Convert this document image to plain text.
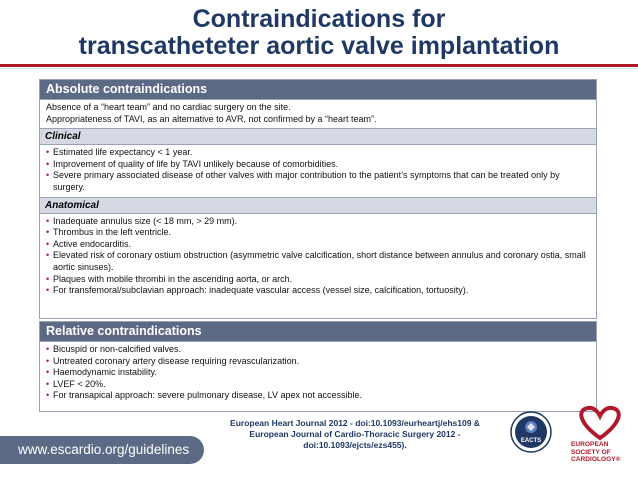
Contraindications for
transcatheteter aortic valve implantation
Absolute contraindications
Absence of a “heart team” and no cardiac surgery on the site.
Appropriateness of TAVI, as an alternative to AVR, not confirmed by a “heart team”.
Clinical
• Estimated life expectancy < 1 year.
• Improvement of quality of life by TAVI unlikely because of comorbidities.
• Severe primary associated disease of other valves with major contribution to the patient’s symptoms that can be treated only by surgery.
Anatomical
• Inadequate annulus size (< 18 mm, > 29 mm).
• Thrombus in the left ventricle.
• Active endocarditis.
• Elevated risk of coronary ostium obstruction (asymmetric valve calcification, short distance between annulus and coronary ostia, small aortic sinuses).
• Plaques with mobile thrombi in the ascending aorta, or arch.
• For transfemoral/subclavian approach: inadequate vascular access (vessel size, calcification, tortuosity).
Relative contraindications
• Bicuspid or non-calcified valves.
• Untreated coronary artery disease requiring revascularization.
• Haemodynamic instability.
• LVEF < 20%.
• For transapical approach: severe pulmonary disease, LV apex not accessible.
www.escardio.org/guidelines
European Heart Journal 2012 - doi:10.1093/eurheartj/ehs109 &
European Journal of Cardio-Thoracic Surgery 2012 -
doi:10.1093/ejcts/ezs455).	EACTS	EUROPEAN
SOCIETY OF
CARDIOLOGY®
